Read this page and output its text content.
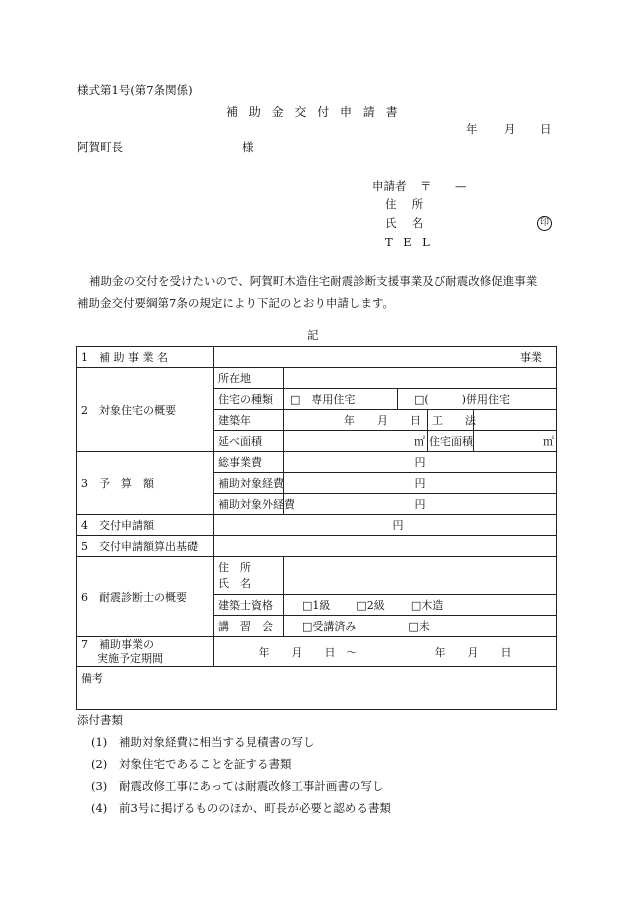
様式第1号(第7条関係)
補助金交付申請書
年 月 日
阿賀町長	様
申請者 〒 —
住 所
氏 名	印
T E L
補助金の交付を受けたいので、阿賀町木造住宅耐震診断支援事業及び耐震改修促進事業
補助金交付要綱第7条の規定により下記のとおり申請します。
記
1　補 助 事 業 名	事業				
2　対象住宅の概要	所在地				
	住宅の種類	□　専用住宅	□(　　　)併用住宅		
	建築年	年　　月　　日		工　　法	
	延べ面積	㎡		住宅面積	㎡
3　予　算　額	総事業費	円			
	補助対象経費	円			
	補助対象外経費	円			
4　交付申請額	円				
5　交付申請額算出基礎					
6　耐震診断士の概要	住　所
氏　名				

	建築士資格	□1級 □2級 □木造			
	講　習　会	□受講済み □未			

7　補助事業の
実施予定期間	年　　月　　日　～　　　　　　　年　　月　　日				
備考					
添付書類
(1) 補助対象経費に相当する見積書の写し
(2) 対象住宅であることを証する書類
(3) 耐震改修工事にあっては耐震改修工事計画書の写し
(4) 前3号に掲げるもののほか、町長が必要と認める書類
